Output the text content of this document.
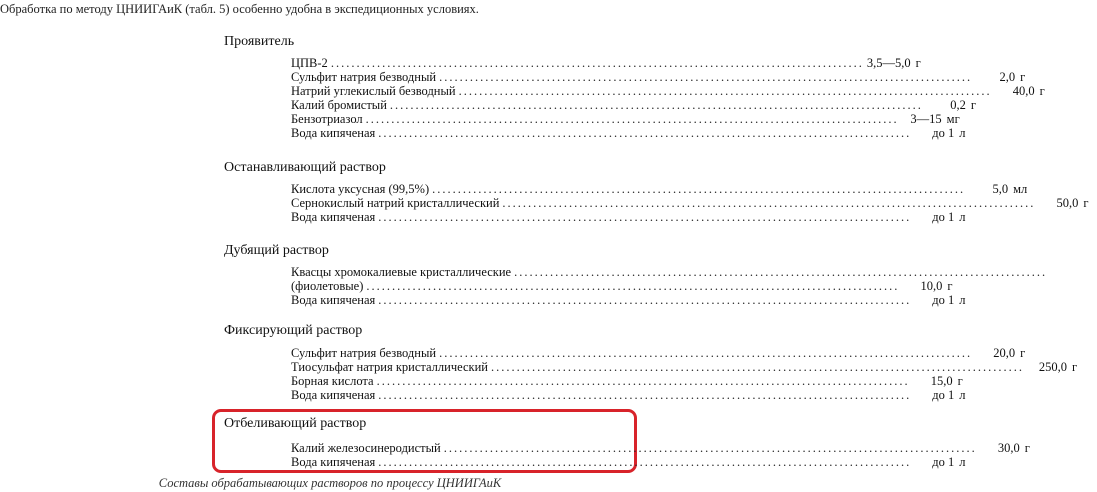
Обработка по методу ЦНИИГАиК (табл. 5) особенно удобна в экспедиционных условиях.
Проявитель
ЦПВ-2 ........................................................................................................ 3,5—5,0 г
Сульфит натрия безводный ........................................................................................................	2,0 г
Натрий углекислый безводный ........................................................................................................	40,0 г
Калий бромистый ........................................................................................................	0,2 г
Бензотриазол ........................................................................................................ 3—15 мг
Вода кипяченая ........................................................................................................	до 1 л
Останавливающий раствор
Кислота уксусная (99,5%) ........................................................................................................	5,0 мл
Сернокислый натрий кристаллический ........................................................................................................	50,0 г
Вода кипяченая ........................................................................................................	до 1 л
Дубящий раствор
Квасцы хромокалиевые кристаллические ........................................................................................................
(фиолетовые) ........................................................................................................	10,0 г
Вода кипяченая ........................................................................................................	до 1 л
Фиксирующий раствор
Сульфит натрия безводный ........................................................................................................	20,0 г
Тиосульфат натрия кристаллический ........................................................................................................	250,0 г
Борная кислота ........................................................................................................	15,0 г
Вода кипяченая ........................................................................................................	до 1 л
Отбеливающий раствор
Калий железосинеродистый ........................................................................................................	30,0 г
Вода кипяченая ........................................................................................................	до 1 л
Составы обрабатывающих растворов по процессу ЦНИИГАиК
